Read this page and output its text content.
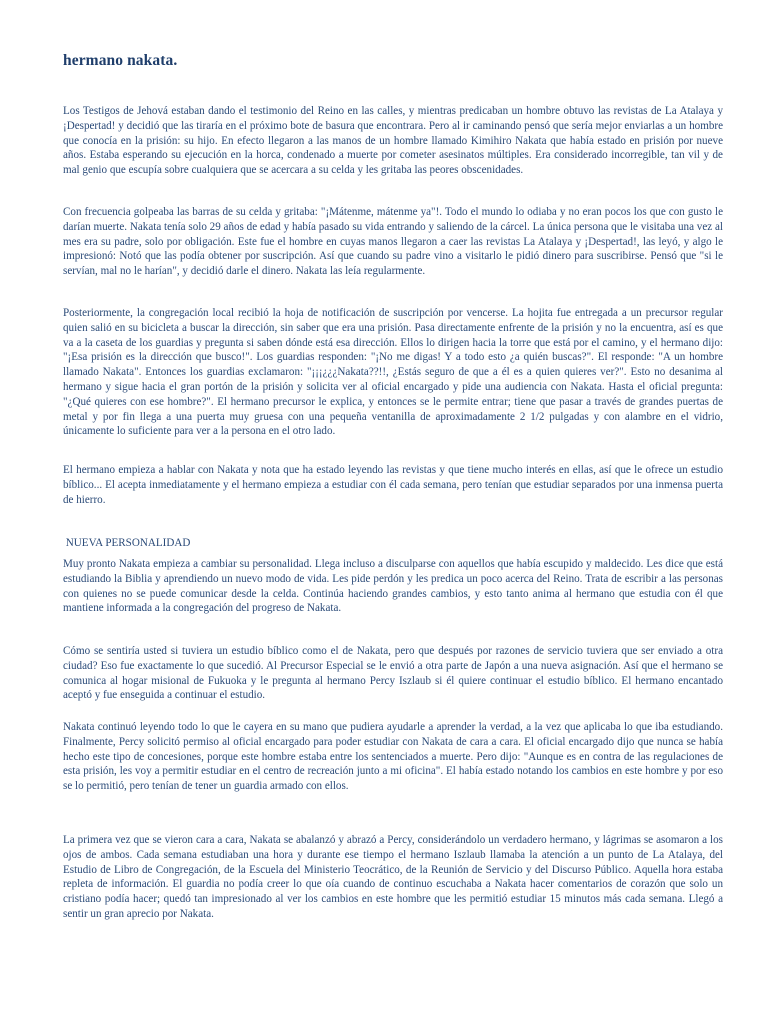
hermano nakata.

Los Testigos de Jehová estaban dando el testimonio del Reino en las calles, y mientras predicaban un hombre obtuvo las revistas de La Atalaya y ¡Despertad! y decidió que las tiraría en el próximo bote de basura que encontrara. Pero al ir caminando pensó que sería mejor enviarlas a un hombre que conocía en la prisión: su hijo. En efecto llegaron a las manos de un hombre llamado Kimihiro Nakata que había estado en prisión por nueve años. Estaba esperando su ejecución en la horca, condenado a muerte por cometer asesinatos múltiples. Era considerado incorregible, tan vil y de mal genio que escupía sobre cualquiera que se acercara a su celda y les gritaba las peores obscenidades.

Con frecuencia golpeaba las barras de su celda y gritaba: "¡Mátenme, mátenme ya"!. Todo el mundo lo odiaba y no eran pocos los que con gusto le darían muerte. Nakata tenía solo 29 años de edad y había pasado su vida entrando y saliendo de la cárcel. La única persona que le visitaba una vez al mes era su padre, solo por obligación. Este fue el hombre en cuyas manos llegaron a caer las revistas La Atalaya y ¡Despertad!, las leyó, y algo le impresionó: Notó que las podía obtener por suscripción. Así que cuando su padre vino a visitarlo le pidió dinero para suscribirse. Pensó que "si le servían, mal no le harían", y decidió darle el dinero. Nakata las leía regularmente.

Posteriormente, la congregación local recibió la hoja de notificación de suscripción por vencerse. La hojita fue entregada a un precursor regular quien salió en su bicicleta a buscar la dirección, sin saber que era una prisión. Pasa directamente enfrente de la prisión y no la encuentra, así es que va a la caseta de los guardias y pregunta si saben dónde está esa dirección. Ellos lo dirigen hacia la torre que está por el camino, y el hermano dijo: "¡Esa prisión es la dirección que busco!". Los guardias responden: "¡No me digas! Y a todo esto ¿a quién buscas?". El responde: "A un hombre llamado Nakata". Entonces los guardias exclamaron: "¡¡¡¿¿¿Nakata??!!, ¿Estás seguro de que a él es a quien quieres ver?". Esto no desanima al hermano y sigue hacia el gran portón de la prisión y solicita ver al oficial encargado y pide una audiencia con Nakata. Hasta el oficial pregunta: "¿Qué quieres con ese hombre?". El hermano precursor le explica, y entonces se le permite entrar; tiene que pasar a través de grandes puertas de metal y por fin llega a una puerta muy gruesa con una pequeña ventanilla de aproximadamente 2 1/2 pulgadas y con alambre en el vidrio, únicamente lo suficiente para ver a la persona en el otro lado.

El hermano empieza a hablar con Nakata y nota que ha estado leyendo las revistas y que tiene mucho interés en ellas, así que le ofrece un estudio bíblico... El acepta inmediatamente y el hermano empieza a estudiar con él cada semana, pero tenían que estudiar separados por una inmensa puerta de hierro.

NUEVA PERSONALIDAD

Muy pronto Nakata empieza a cambiar su personalidad. Llega incluso a disculparse con aquellos que había escupido y maldecido. Les dice que está estudiando la Biblia y aprendiendo un nuevo modo de vida. Les pide perdón y les predica un poco acerca del Reino. Trata de escribir a las personas con quienes no se puede comunicar desde la celda. Continúa haciendo grandes cambios, y esto tanto anima al hermano que estudia con él que mantiene informada a la congregación del progreso de Nakata.

Cómo se sentiría usted si tuviera un estudio bíblico como el de Nakata, pero que después por razones de servicio tuviera que ser enviado a otra ciudad? Eso fue exactamente lo que sucedió. Al Precursor Especial se le envió a otra parte de Japón a una nueva asignación. Así que el hermano se comunica al hogar misional de Fukuoka y le pregunta al hermano Percy Iszlaub si él quiere continuar el estudio bíblico. El hermano encantado aceptó y fue enseguida a continuar el estudio.

Nakata continuó leyendo todo lo que le cayera en su mano que pudiera ayudarle a aprender la verdad, a la vez que aplicaba lo que iba estudiando. Finalmente, Percy solicitó permiso al oficial encargado para poder estudiar con Nakata de cara a cara. El oficial encargado dijo que nunca se había hecho este tipo de concesiones, porque este hombre estaba entre los sentenciados a muerte. Pero dijo: "Aunque es en contra de las regulaciones de esta prisión, les voy a permitir estudiar en el centro de recreación junto a mi oficina". El había estado notando los cambios en este hombre y por eso se lo permitió, pero tenían de tener un guardia armado con ellos.

La primera vez que se vieron cara a cara, Nakata se abalanzó y abrazó a Percy, considerándolo un verdadero hermano, y lágrimas se asomaron a los ojos de ambos. Cada semana estudiaban una hora y durante ese tiempo el hermano Iszlaub llamaba la atención a un punto de La Atalaya, del Estudio de Libro de Congregación, de la Escuela del Ministerio Teocrático, de la Reunión de Servicio y del Discurso Público. Aquella hora estaba repleta de información. El guardia no podía creer lo que oía cuando de continuo escuchaba a Nakata hacer comentarios de corazón que solo un cristiano podía hacer; quedó tan impresionado al ver los cambios en este hombre que les permitió estudiar 15 minutos más cada semana. Llegó a sentir un gran aprecio por Nakata.
